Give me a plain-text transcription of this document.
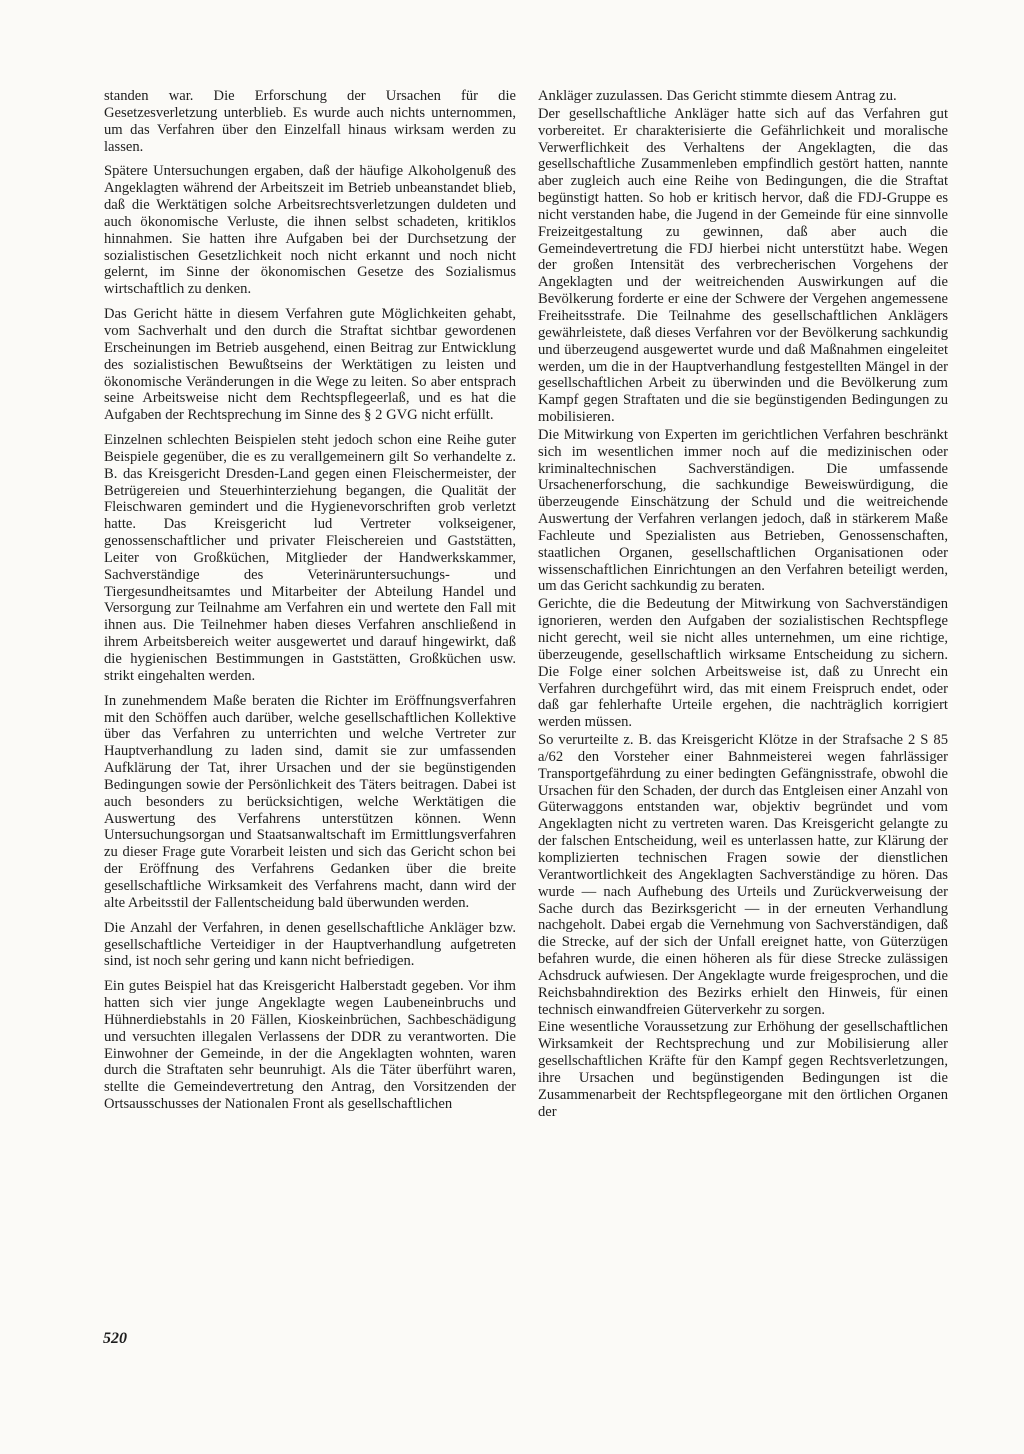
standen war. Die Erforschung der Ursachen für die Gesetzesverletzung unterblieb. Es wurde auch nichts unternommen, um das Verfahren über den Einzelfall hinaus wirksam werden zu lassen.

Spätere Untersuchungen ergaben, daß der häufige Alkoholgenuß des Angeklagten während der Arbeitszeit im Betrieb unbeanstandet blieb, daß die Werktätigen solche Arbeitsrechtsverletzungen duldeten und auch ökonomische Verluste, die ihnen selbst schadeten, kritiklos hinnahmen. Sie hatten ihre Aufgaben bei der Durchsetzung der sozialistischen Gesetzlichkeit noch nicht erkannt und noch nicht gelernt, im Sinne der ökonomischen Gesetze des Sozialismus wirtschaftlich zu denken.

Das Gericht hätte in diesem Verfahren gute Möglichkeiten gehabt, vom Sachverhalt und den durch die Straftat sichtbar gewordenen Erscheinungen im Betrieb ausgehend, einen Beitrag zur Entwicklung des sozialistischen Bewußtseins der Werktätigen zu leisten und ökonomische Veränderungen in die Wege zu leiten. So aber entsprach seine Arbeitsweise nicht dem Rechtspflegeerlaß, und es hat die Aufgaben der Rechtsprechung im Sinne des § 2 GVG nicht erfüllt.

Einzelnen schlechten Beispielen steht jedoch schon eine Reihe guter Beispiele gegenüber, die es zu verallgemeinern gilt So verhandelte z. B. das Kreisgericht Dresden-Land gegen einen Fleischermeister, der Betrügereien und Steuerhinterziehung begangen, die Qualität der Fleischwaren gemindert und die Hygienevorschriften grob verletzt hatte. Das Kreisgericht lud Vertreter volkseigener, genossenschaftlicher und privater Fleischereien und Gaststätten, Leiter von Großküchen, Mitglieder der Handwerkskammer, Sachverständige des Veterinäruntersuchungs- und Tiergesundheitsamtes und Mitarbeiter der Abteilung Handel und Versorgung zur Teilnahme am Verfahren ein und wertete den Fall mit ihnen aus. Die Teilnehmer haben dieses Verfahren anschließend in ihrem Arbeitsbereich weiter ausgewertet und darauf hingewirkt, daß die hygienischen Bestimmungen in Gaststätten, Großküchen usw. strikt eingehalten werden.

In zunehmendem Maße beraten die Richter im Eröffnungsverfahren mit den Schöffen auch darüber, welche gesellschaftlichen Kollektive über das Verfahren zu unterrichten und welche Vertreter zur Hauptverhandlung zu laden sind, damit sie zur umfassenden Aufklärung der Tat, ihrer Ursachen und der sie begünstigenden Bedingungen sowie der Persönlichkeit des Täters beitragen. Dabei ist auch besonders zu berücksichtigen, welche Werktätigen die Auswertung des Verfahrens unterstützen können. Wenn Untersuchungsorgan und Staatsanwaltschaft im Ermittlungsverfahren zu dieser Frage gute Vorarbeit leisten und sich das Gericht schon bei der Eröffnung des Verfahrens Gedanken über die breite gesellschaftliche Wirksamkeit des Verfahrens macht, dann wird der alte Arbeitsstil der Fallentscheidung bald überwunden werden.

Die Anzahl der Verfahren, in denen gesellschaftliche Ankläger bzw. gesellschaftliche Verteidiger in der Hauptverhandlung aufgetreten sind, ist noch sehr gering und kann nicht befriedigen.

Ein gutes Beispiel hat das Kreisgericht Halberstadt gegeben. Vor ihm hatten sich vier junge Angeklagte wegen Laubeneinbruchs und Hühnerdiebstahls in 20 Fällen, Kioskeinbrüchen, Sachbeschädigung und versuchten illegalen Verlassens der DDR zu verantworten. Die Einwohner der Gemeinde, in der die Angeklagten wohnten, waren durch die Straftaten sehr beunruhigt. Als die Täter überführt waren, stellte die Gemeindevertretung den Antrag, den Vorsitzenden der Ortsausschusses der Nationalen Front als gesellschaftlichen

Ankläger zuzulassen. Das Gericht stimmte diesem Antrag zu.

Der gesellschaftliche Ankläger hatte sich auf das Verfahren gut vorbereitet. Er charakterisierte die Gefährlichkeit und moralische Verwerflichkeit des Verhaltens der Angeklagten, die das gesellschaftliche Zusammenleben empfindlich gestört hatten, nannte aber zugleich auch eine Reihe von Bedingungen, die die Straftat begünstigt hatten. So hob er kritisch hervor, daß die FDJ-Gruppe es nicht verstanden habe, die Jugend in der Gemeinde für eine sinnvolle Freizeitgestaltung zu gewinnen, daß aber auch die Gemeindevertretung die FDJ hierbei nicht unterstützt habe. Wegen der großen Intensität des verbrecherischen Vorgehens der Angeklagten und der weitreichenden Auswirkungen auf die Bevölkerung forderte er eine der Schwere der Vergehen angemessene Freiheitsstrafe. Die Teilnahme des gesellschaftlichen Anklägers gewährleistete, daß dieses Verfahren vor der Bevölkerung sachkundig und überzeugend ausgewertet wurde und daß Maßnahmen eingeleitet werden, um die in der Hauptverhandlung festgestellten Mängel in der gesellschaftlichen Arbeit zu überwinden und die Bevölkerung zum Kampf gegen Straftaten und die sie begünstigenden Bedingungen zu mobilisieren.

Die Mitwirkung von Experten im gerichtlichen Verfahren beschränkt sich im wesentlichen immer noch auf die medizinischen oder kriminaltechnischen Sachverständigen. Die umfassende Ursachenerforschung, die sachkundige Beweiswürdigung, die überzeugende Einschätzung der Schuld und die weitreichende Auswertung der Verfahren verlangen jedoch, daß in stärkerem Maße Fachleute und Spezialisten aus Betrieben, Genossenschaften, staatlichen Organen, gesellschaftlichen Organisationen oder wissenschaftlichen Einrichtungen an den Verfahren beteiligt werden, um das Gericht sachkundig zu beraten.

Gerichte, die die Bedeutung der Mitwirkung von Sachverständigen ignorieren, werden den Aufgaben der sozialistischen Rechtspflege nicht gerecht, weil sie nicht alles unternehmen, um eine richtige, überzeugende, gesellschaftlich wirksame Entscheidung zu sichern. Die Folge einer solchen Arbeitsweise ist, daß zu Unrecht ein Verfahren durchgeführt wird, das mit einem Freispruch endet, oder daß gar fehlerhafte Urteile ergehen, die nachträglich korrigiert werden müssen.

So verurteilte z. B. das Kreisgericht Klötze in der Strafsache 2 S 85 a/62 den Vorsteher einer Bahnmeisterei wegen fahrlässiger Transportgefährdung zu einer bedingten Gefängnisstrafe, obwohl die Ursachen für den Schaden, der durch das Entgleisen einer Anzahl von Güterwaggons entstanden war, objektiv begründet und vom Angeklagten nicht zu vertreten waren. Das Kreisgericht gelangte zu der falschen Entscheidung, weil es unterlassen hatte, zur Klärung der komplizierten technischen Fragen sowie der dienstlichen Verantwortlichkeit des Angeklagten Sachverständige zu hören. Das wurde — nach Aufhebung des Urteils und Zurückverweisung der Sache durch das Bezirksgericht — in der erneuten Verhandlung nachgeholt. Dabei ergab die Vernehmung von Sachverständigen, daß die Strecke, auf der sich der Unfall ereignet hatte, von Güterzügen befahren wurde, die einen höheren als für diese Strecke zulässigen Achsdruck aufwiesen. Der Angeklagte wurde freigesprochen, und die Reichsbahndirektion des Bezirks erhielt den Hinweis, für einen technisch einwandfreien Güterverkehr zu sorgen.

Eine wesentliche Voraussetzung zur Erhöhung der gesellschaftlichen Wirksamkeit der Rechtsprechung und zur Mobilisierung aller gesellschaftlichen Kräfte für den Kampf gegen Rechtsverletzungen, ihre Ursachen und begünstigenden Bedingungen ist die Zusammenarbeit der Rechtspflegeorgane mit den örtlichen Organen der

520
